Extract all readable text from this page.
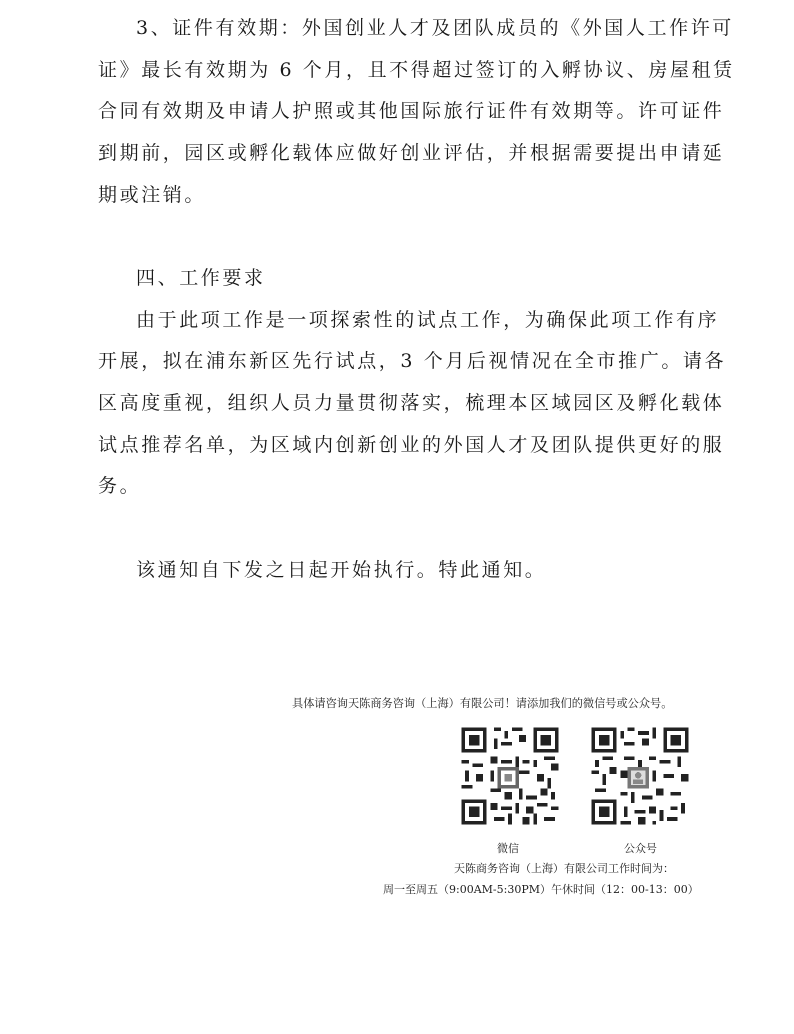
3、证件有效期：外国创业人才及团队成员的《外国人工作许可
证》最长有效期为 6 个月，且不得超过签订的入孵协议、房屋租赁
合同有效期及申请人护照或其他国际旅行证件有效期等。许可证件
到期前，园区或孵化载体应做好创业评估，并根据需要提出申请延
期或注销。
四、工作要求
由于此项工作是一项探索性的试点工作，为确保此项工作有序
开展，拟在浦东新区先行试点，3 个月后视情况在全市推广。请各
区高度重视，组织人员力量贯彻落实，梳理本区域园区及孵化载体
试点推荐名单，为区域内创新创业的外国人才及团队提供更好的服
务。
该通知自下发之日起开始执行。特此通知。
具体请咨询天陈商务咨询（上海）有限公司！请添加我们的微信号或公众号。
微信	公众号
天陈商务咨询（上海）有限公司工作时间为：
周一至周五（9:00AM-5:30PM）午休时间（12：00-13：00）
